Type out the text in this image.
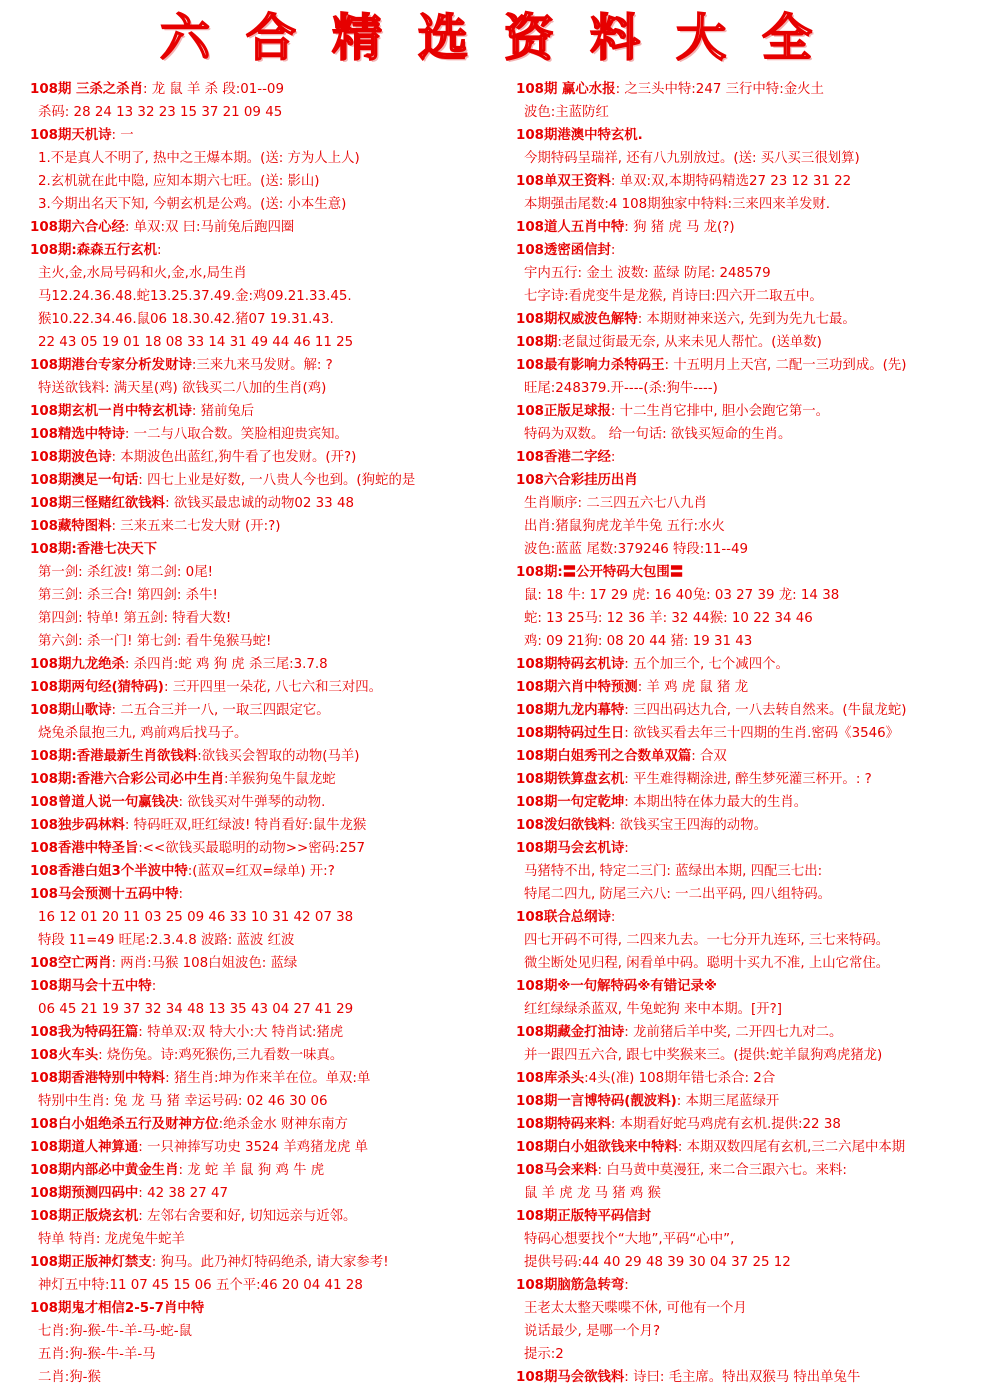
六合精选资料大全
108期 三杀之杀肖: 龙 鼠 羊 杀 段:01--09
杀码: 28 24 13 32 23 15 37 21 09 45
108期天机诗: 一
1.不是真人不明了, 热中之王爆本期。(送: 方为人上人)
2.玄机就在此中隐, 应知本期六七旺。(送: 影山)
3.今期出名天下知, 今朝玄机是公鸡。(送: 小本生意)
108期六合心经: 单双:双 曰:马前兔后跑四圈
108期:森森五行玄机:
主火,金,水局号码和火,金,水,局生肖
马12.24.36.48.蛇13.25.37.49.金:鸡09.21.33.45.
猴10.22.34.46.鼠06 18.30.42.猪07 19.31.43.
22 43 05 19 01 18 08 33 14 31 49 44 46 11 25
108期港台专家分析发财诗:三来九来马发财。解: ?
特送欲钱料: 满天星(鸡) 欲钱买二八加的生肖(鸡)
108期玄机一肖中特玄机诗: 猪前兔后
108精选中特诗: 一二与八取合数。笑脸相迎贵宾知。
108期波色诗: 本期波色出蓝红,狗牛看了也发财。(开?)
108期澳足一句话: 四七上业是好数, 一八贵人今也到。(狗蛇的是
108期三怪赌红欲钱料: 欲钱买最忠诚的动物02 33 48
108藏特图料: 三来五来二七发大财 (开:?)
108期:香港七决天下
第一剑: 杀红波! 第二剑: 0尾!
第三剑: 杀三合! 第四剑: 杀牛!
第四剑: 特单! 第五剑: 特看大数!
第六剑: 杀一门! 第七剑: 看牛兔猴马蛇!
108期九龙绝杀: 杀四肖:蛇 鸡 狗 虎 杀三尾:3.7.8
108期两句经(猜特码): 三开四里一朵花, 八七六和三对四。
108期山歌诗: 二五合三并一八, 一取三四跟定它。
烧兔杀鼠抱三九, 鸡前鸡后找马子。
108期:香港最新生肖欲钱料:欲钱买会智取的动物(马羊)
108期:香港六合彩公司必中生肖:羊猴狗兔牛鼠龙蛇
108曾道人说一句赢钱决: 欲钱买对牛弹琴的动物.
108独步码林料: 特码旺双,旺红绿波! 特肖看好:鼠牛龙猴
108香港中特圣旨:<<欲钱买最聪明的动物>>密码:257
108香港白姐3个半波中特:(蓝双=红双=绿单) 开:?
108马会预测十五码中特:
16 12 01 20 11 03 25 09 46 33 10 31 42 07 38
特段 11=49 旺尾:2.3.4.8 波路: 蓝波 红波
108空亡两肖: 两肖:马猴 108白姐波色: 蓝绿
108期马会十五中特:
06 45 21 19 37 32 34 48 13 35 43 04 27 41 29
108我为特码狂篇: 特单双:双 特大小:大 特肖试:猪虎
108火车头: 烧伤兔。诗:鸡死猴伤,三九看数一味真。
108期香港特别中特料: 猪生肖:坤为作来羊在位。单双:单
特别中生肖: 兔 龙 马 猪 幸运号码: 02 46 30 06
108白小姐绝杀五行及财神方位:绝杀金水 财神东南方
108期道人神算通: 一只神捧写功史 3524 羊鸡猪龙虎 单
108期内部必中黄金生肖: 龙 蛇 羊 鼠 狗 鸡 牛 虎
108期预测四码中: 42 38 27 47
108期正版烧玄机: 左邻右舍要和好, 切知远亲与近邻。
特单 特肖: 龙虎兔牛蛇羊
108期正版神灯禁支: 狗马。此乃神灯特码绝杀, 请大家参考!
神灯五中特:11 07 45 15 06 五个平:46 20 04 41 28
108期鬼才相信2-5-7肖中特
七肖:狗-猴-牛-羊-马-蛇-鼠
五肖:狗-猴-牛-羊-马
二肖:狗-猴
108期 赢心水报: 之三头中特:247 三行中特:金火土
波色:主蓝防红
108期港澳中特玄机.
今期特码呈瑞祥, 还有八九别放过。(送: 买八买三很划算)
108单双王资料: 单双:双,本期特码精选27 23 12 31 22
本期强击尾数:4 108期独家中特料:三来四来羊发财.
108道人五肖中特: 狗 猪 虎 马 龙(?)
108透密函信封:
宇内五行: 金土 波数: 蓝绿 防尾: 248579
七字诗:看虎变牛是龙猴, 肖诗曰:四六开二取五中。
108期权威波色解特: 本期财神来送六, 先到为先九七最。
108期:老鼠过街最无奈, 从来未见人帮忙。(送单数)
108最有影响力杀特码王: 十五明月上天宫, 二配一三功到成。(先)
旺尾:248379.开----(杀:狗牛----)
108正版足球报: 十二生肖它排中, 胆小会跑它第一。
特码为双数。 给一句话: 欲钱买短命的生肖。
108香港二字经:
108六合彩挂历出肖
生肖顺序: 二三四五六七八九肖
出肖:猪鼠狗虎龙羊牛兔 五行:水火
波色:蓝蓝 尾数:379246 特段:11--49
108期:〓公开特码大包围〓
鼠: 18 牛: 17 29 虎: 16 40兔: 03 27 39 龙: 14 38
蛇: 13 25马: 12 36 羊: 32 44猴: 10 22 34 46
鸡: 09 21狗: 08 20 44 猪: 19 31 43
108期特码玄机诗: 五个加三个, 七个减四个。
108期六肖中特预测: 羊 鸡 虎 鼠 猪 龙
108期九龙内幕特: 三四出码达九合, 一八去转自然来。(牛鼠龙蛇)
108期特码过生日: 欲钱买看去年三十四期的生肖.密码《3546》
108期白姐秀刊之合数单双篇: 合双
108期铁算盘玄机: 平生难得糊涂进, 醉生梦死灌三杯开。: ?
108期一句定乾坤: 本期出特在体力最大的生肖。
108泼妇欲钱料: 欲钱买宝王四海的动物。
108期马会玄机诗:
马猪特不出, 特定二三门: 蓝绿出本期, 四配三七出:
特尾二四九, 防尾三六八: 一二出平码, 四八组特码。
108联合总纲诗:
四七开码不可得, 二四来九去。一七分开九连环, 三七来特码。
微尘断处见归程, 闲看单中码。聪明十买九不准, 上山它常住。
108期※一句解特码※有错记录※
红红绿绿杀蓝双, 牛兔蛇狗 来中本期。[开?]
108期藏金打油诗: 龙前猪后羊中奖, 二开四七九对二。
并一跟四五六合, 跟七中奖猴来三。(提供:蛇羊鼠狗鸡虎猪龙)
108库杀头:4头(准) 108期年错七杀合: 2合
108期一言博特码(靓波料): 本期三尾蓝绿开
108期特码来料: 本期看好蛇马鸡虎有玄机.提供:22 38
108期白小姐欲钱来中特料: 本期双数四尾有玄机,三二六尾中本期
108马会来料: 白马黄中莫漫狂, 来二合三跟六七。来料:
鼠 羊 虎 龙 马 猪 鸡 猴
108期正版特平码信封
特码心想要找个“大地”,平码“心中”,
提供号码:44 40 29 48 39 30 04 37 25 12
108期脑筋急转弯:
王老太太整天喋喋不休, 可他有一个月
说话最少, 是哪一个月?
提示:2
108期马会欲钱料: 诗曰: 毛主席。特出双猴马 特出单兔牛
